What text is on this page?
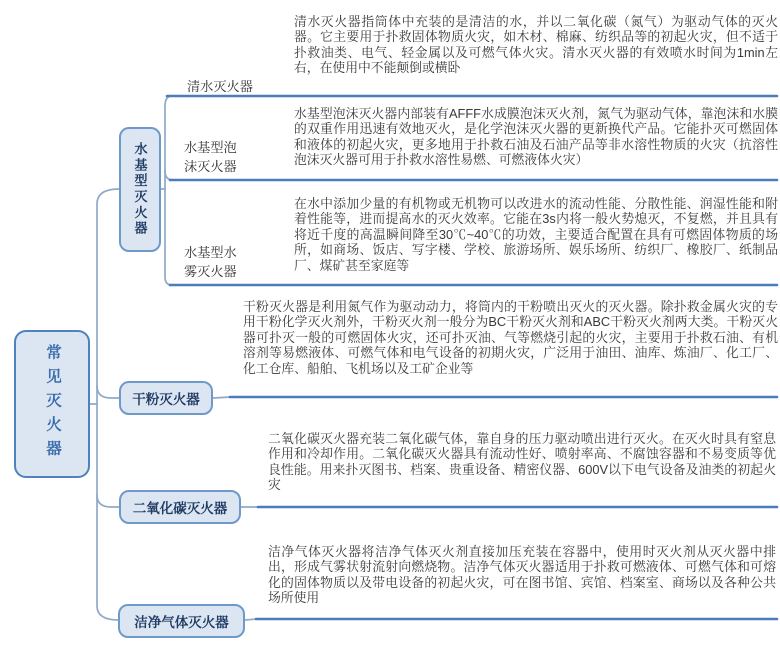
常见灭火器
水基型灭火器
干粉灭火器
二氧化碳灭火器
洁净气体灭火器
清水灭火器
水基型泡沫灭火器
水基型水雾灭火器
清水灭火器指筒体中充装的是清洁的水，并以二氧化碳（氮气）为驱动气体的灭火器。它主要用于扑救固体物质火灾，如木材、棉麻、纺织品等的初起火灾，但不适于扑救油类、电气、轻金属以及可燃气体火灾。清水灭火器的有效喷水时间为1min左右，在使用中不能颠倒或横卧
水基型泡沫灭火器内部装有AFFF水成膜泡沫灭火剂，氮气为驱动气体，靠泡沫和水膜的双重作用迅速有效地灭火，是化学泡沫灭火器的更新换代产品。它能扑灭可燃固体和液体的初起火灾，更多地用于扑救石油及石油产品等非水溶性物质的火灾（抗溶性泡沫灭火器可用于扑救水溶性易燃、可燃液体火灾）
在水中添加少量的有机物或无机物可以改进水的流动性能、分散性能、润湿性能和附着性能等，进而提高水的灭火效率。它能在3s内将一般火势熄灭，不复燃，并且具有将近千度的高温瞬间降至30℃~40℃的功效，主要适合配置在具有可燃固体物质的场所，如商场、饭店、写字楼、学校、旅游场所、娱乐场所、纺织厂、橡胶厂、纸制品厂、煤矿甚至家庭等
干粉灭火器是利用氮气作为驱动动力，将筒内的干粉喷出灭火的灭火器。除扑救金属火灾的专用干粉化学灭火剂外，干粉灭火剂一般分为BC干粉灭火剂和ABC干粉灭火剂两大类。干粉灭火器可扑灭一般的可燃固体火灾，还可扑灭油、气等燃烧引起的火灾，主要用于扑救石油、有机溶剂等易燃液体、可燃气体和电气设备的初期火灾，广泛用于油田、油库、炼油厂、化工厂、化工仓库、船舶、飞机场以及工矿企业等
二氧化碳灭火器充装二氧化碳气体，靠自身的压力驱动喷出进行灭火。在灭火时具有窒息作用和冷却作用。二氧化碳灭火器具有流动性好、喷射率高、不腐蚀容器和不易变质等优良性能。用来扑灭图书、档案、贵重设备、精密仪器、600V以下电气设备及油类的初起火灾
洁净气体灭火器将洁净气体灭火剂直接加压充装在容器中，使用时灭火剂从灭火器中排出，形成气雾状射流射向燃烧物。洁净气体灭火器适用于扑救可燃液体、可燃气体和可熔化的固体物质以及带电设备的初起火灾，可在图书馆、宾馆、档案室、商场以及各种公共场所使用
